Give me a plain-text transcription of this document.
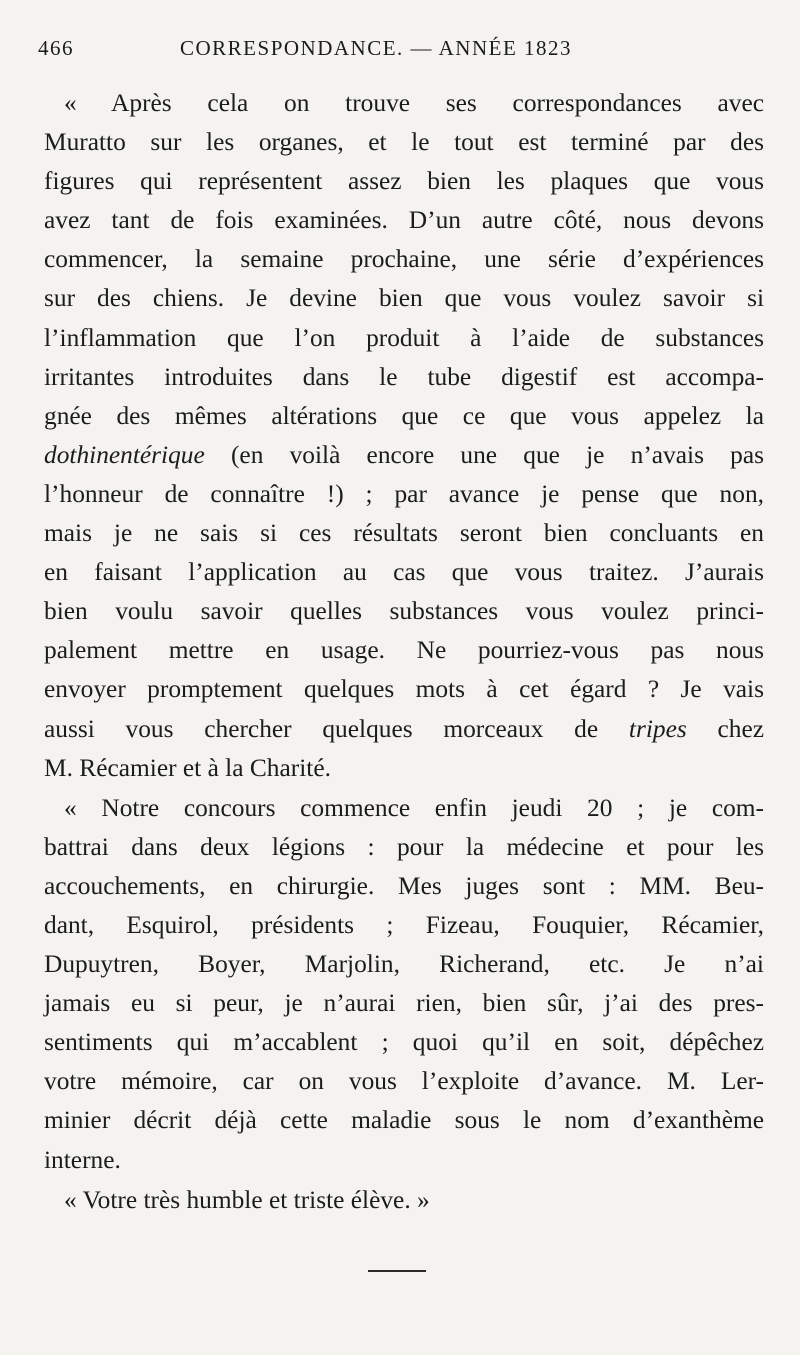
466	CORRESPONDANCE. — ANNÉE 1823
« Après cela on trouve ses correspondances avec
Muratto sur les organes, et le tout est terminé par des
figures qui représentent assez bien les plaques que vous
avez tant de fois examinées. D’un autre côté, nous devons
commencer, la semaine prochaine, une série d’expériences
sur des chiens. Je devine bien que vous voulez savoir si
l’inflammation que l’on produit à l’aide de substances
irritantes introduites dans le tube digestif est accompa-
gnée des mêmes altérations que ce que vous appelez la
dothinentérique (en voilà encore une que je n’avais pas
l’honneur de connaître !) ; par avance je pense que non,
mais je ne sais si ces résultats seront bien concluants en
en faisant l’application au cas que vous traitez. J’aurais
bien voulu savoir quelles substances vous voulez princi-
palement mettre en usage. Ne pourriez-vous pas nous
envoyer promptement quelques mots à cet égard ? Je vais
aussi vous chercher quelques morceaux de tripes chez
M. Récamier et à la Charité.
« Notre concours commence enfin jeudi 20 ; je com-
battrai dans deux légions : pour la médecine et pour les
accouchements, en chirurgie. Mes juges sont : MM. Beu-
dant, Esquirol, présidents ; Fizeau, Fouquier, Récamier,
Dupuytren, Boyer, Marjolin, Richerand, etc. Je n’ai
jamais eu si peur, je n’aurai rien, bien sûr, j’ai des pres-
sentiments qui m’accablent ; quoi qu’il en soit, dépêchez
votre mémoire, car on vous l’exploite d’avance. M. Ler-
minier décrit déjà cette maladie sous le nom d’exanthème
interne.
« Votre très humble et triste élève. »
